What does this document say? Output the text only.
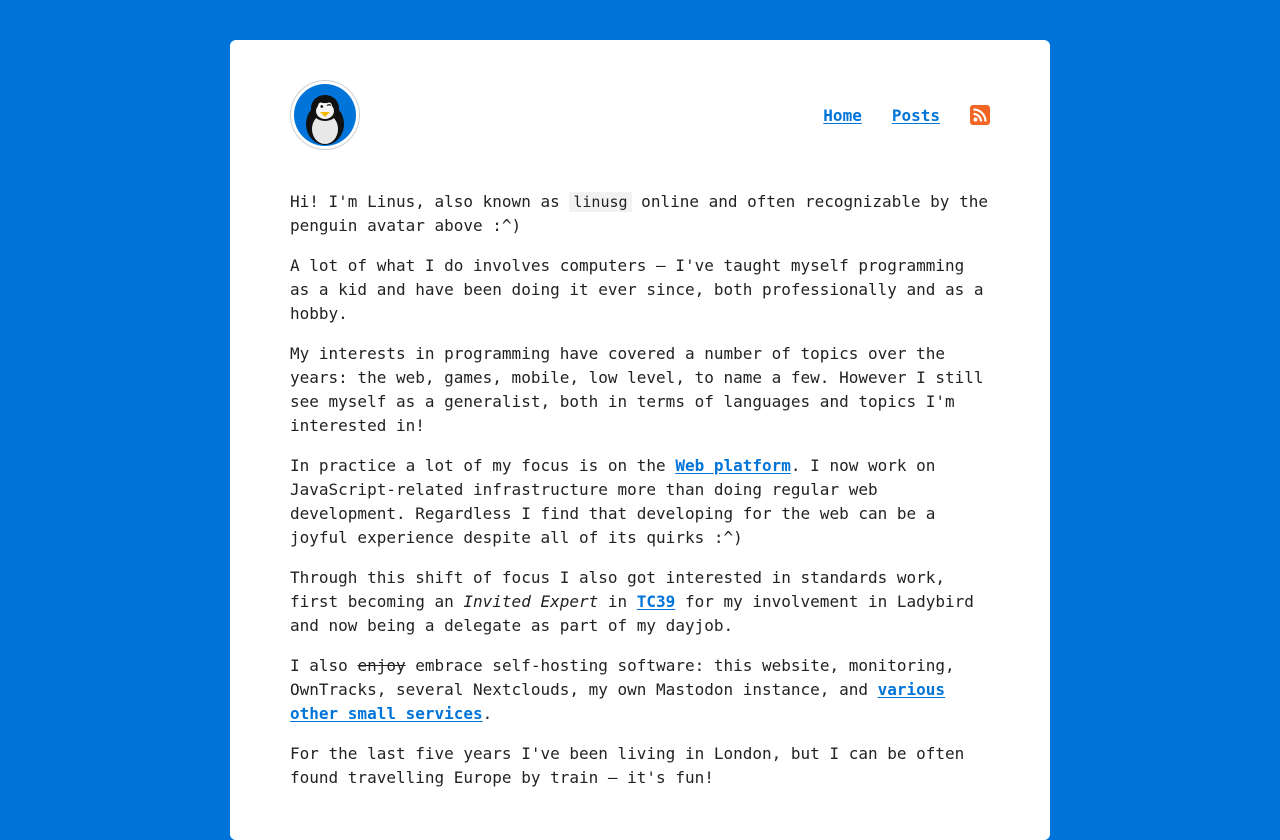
Home Posts

Hi! I'm Linus, also known as linusg online and often recognizable by the penguin avatar above :^)

A lot of what I do involves computers — I've taught myself programming as a kid and have been doing it ever since, both professionally and as a hobby.

My interests in programming have covered a number of topics over the years: the web, games, mobile, low level, to name a few. However I still see myself as a generalist, both in terms of languages and topics I'm interested in!

In practice a lot of my focus is on the Web platform. I now work on JavaScript-related infrastructure more than doing regular web development. Regardless I find that developing for the web can be a joyful experience despite all of its quirks :^)

Through this shift of focus I also got interested in standards work, first becoming an Invited Expert in TC39 for my involvement in Ladybird and now being a delegate as part of my dayjob.

I also enjoy embrace self-hosting software: this website, monitoring, OwnTracks, several Nextclouds, my own Mastodon instance, and various other small services.

For the last five years I've been living in London, but I can be often found travelling Europe by train — it's fun!
